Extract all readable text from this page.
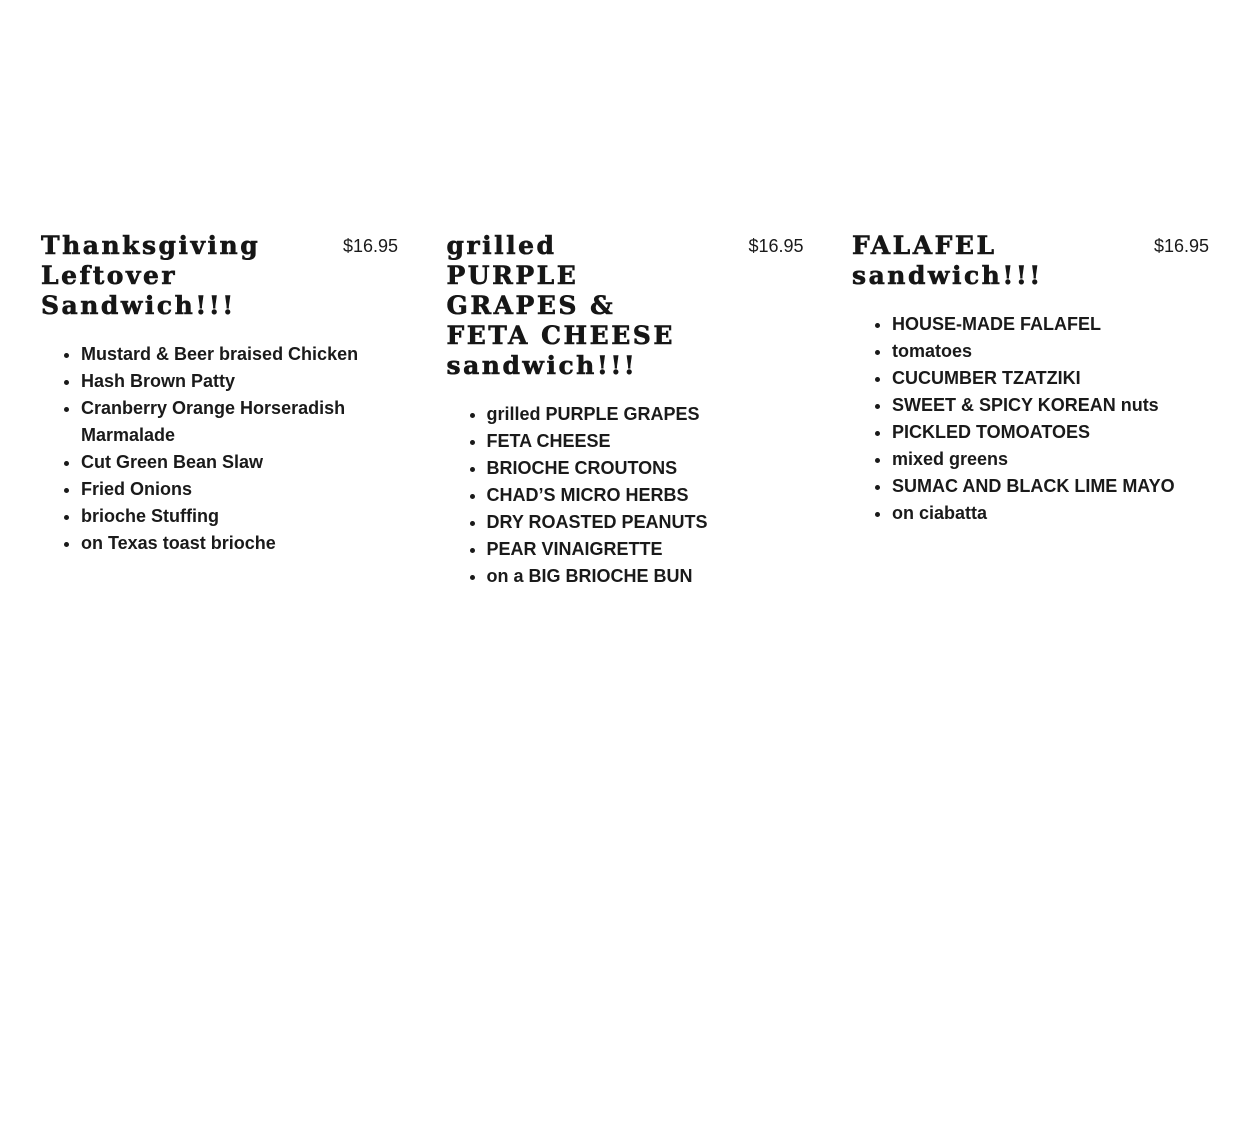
Thanksgiving Leftover Sandwich!!!
$16.95
• Mustard & Beer braised Chicken
• Hash Brown Patty
• Cranberry Orange Horseradish Marmalade
• Cut Green Bean Slaw
• Fried Onions
• brioche Stuffing
• on Texas toast brioche
grilled PURPLE GRAPES & FETA CHEESE sandwich!!!
$16.95
• grilled PURPLE GRAPES
• FETA CHEESE
• BRIOCHE CROUTONS
• CHAD’S MICRO HERBS
• DRY ROASTED PEANUTS
• PEAR VINAIGRETTE
• on a BIG BRIOCHE BUN
FALAFEL sandwich!!!
$16.95
• HOUSE-MADE FALAFEL
• tomatoes
• CUCUMBER TZATZIKI
• SWEET & SPICY KOREAN nuts
• PICKLED TOMOATOES
• mixed greens
• SUMAC AND BLACK LIME MAYO
• on ciabatta
